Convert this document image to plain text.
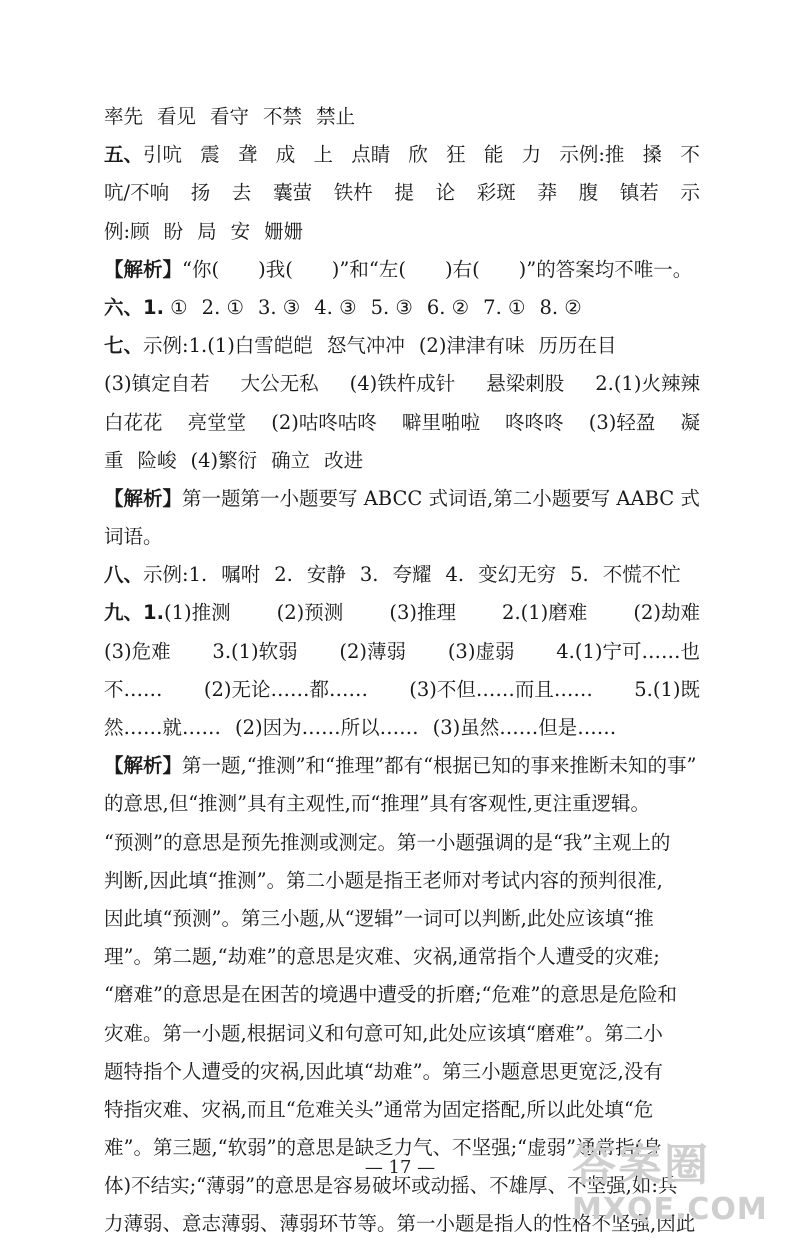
率先 看见 看守 不禁 禁止
五、引吭 震 聋 成 上 点睛 欣 狂 能 力 示例:推 搡 不
吭/不响 扬 去 囊萤 铁杵 提 论 彩斑 莽 腹 镇若 示
例:顾 盼 局 安 姗姗
【解析】“你(　　)我(　　)”和“左(　　)右(　　)”的答案均不唯一。
六、1. ① 2. ① 3. ③ 4. ③ 5. ③ 6. ② 7. ① 8. ②
七、示例:1.(1)白雪皑皑 怒气冲冲 (2)津津有味 历历在目
(3)镇定自若 大公无私 (4)铁杵成针 悬梁刺股 2.(1)火辣辣
白花花 亮堂堂 (2)咕咚咕咚 噼里啪啦 咚咚咚 (3)轻盈 凝
重 险峻 (4)繁衍 确立 改进
【解析】第一题第一小题要写 ABCC 式词语,第二小题要写 AABC 式
词语。
八、示例:1. 嘱咐 2. 安静 3. 夸耀 4. 变幻无穷 5. 不慌不忙
九、1.(1)推测 (2)预测 (3)推理 2.(1)磨难 (2)劫难
(3)危难 3.(1)软弱 (2)薄弱 (3)虚弱 4.(1)宁可……也
不…… (2)无论……都…… (3)不但……而且…… 5.(1)既
然……就…… (2)因为……所以…… (3)虽然……但是……
【解析】第一题,“推测”和“推理”都有“根据已知的事来推断未知的事”
的意思,但“推测”具有主观性,而“推理”具有客观性,更注重逻辑。
“预测”的意思是预先推测或测定。第一小题强调的是“我”主观上的
判断,因此填“推测”。第二小题是指王老师对考试内容的预判很准,
因此填“预测”。第三小题,从“逻辑”一词可以判断,此处应该填“推
理”。第二题,“劫难”的意思是灾难、灾祸,通常指个人遭受的灾难;
“磨难”的意思是在困苦的境遇中遭受的折磨;“危难”的意思是危险和
灾难。第一小题,根据词义和句意可知,此处应该填“磨难”。第二小
题特指个人遭受的灾祸,因此填“劫难”。第三小题意思更宽泛,没有
特指灾难、灾祸,而且“危难关头”通常为固定搭配,所以此处填“危
难”。第三题,“软弱”的意思是缺乏力气、不坚强;“虚弱”通常指(身
体)不结实;“薄弱”的意思是容易破坏或动摇、不雄厚、不坚强,如:兵
力薄弱、意志薄弱、薄弱环节等。第一小题是指人的性格不坚强,因此
— 17 —	答案圈
MXQE.COM
